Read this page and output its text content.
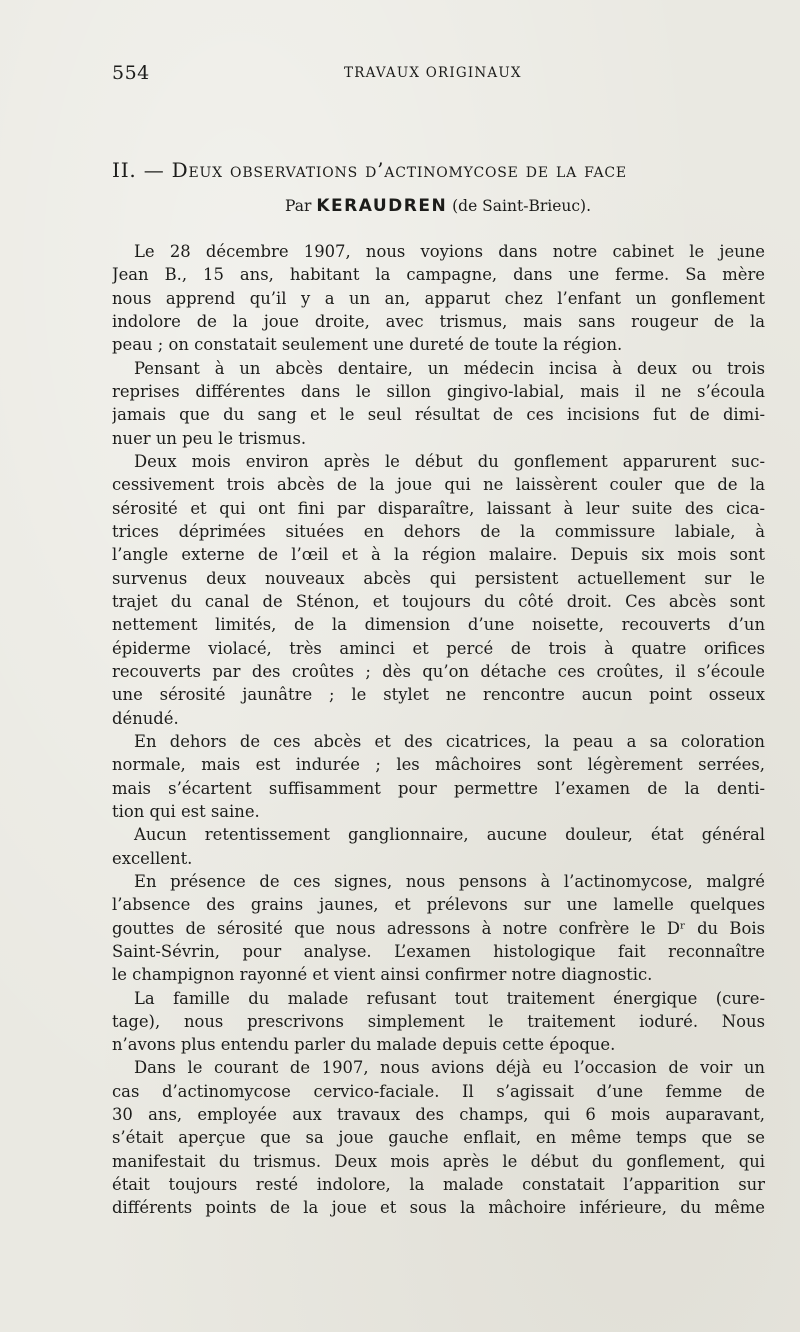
554	TRAVAUX ORIGINAUX
II. — Deux observations d’actinomycose de la face
Par KERAUDREN (de Saint-Brieuc).
Le 28 décembre 1907, nous voyions dans notre cabinet le jeune
Jean B., 15 ans, habitant la campagne, dans une ferme. Sa mère
nous apprend qu’il y a un an, apparut chez l’enfant un gonflement
indolore de la joue droite, avec trismus, mais sans rougeur de la
peau ; on constatait seulement une dureté de toute la région.
Pensant à un abcès dentaire, un médecin incisa à deux ou trois
reprises différentes dans le sillon gingivo-labial, mais il ne s’écoula
jamais que du sang et le seul résultat de ces incisions fut de dimi-
nuer un peu le trismus.
Deux mois environ après le début du gonflement apparurent suc-
cessivement trois abcès de la joue qui ne laissèrent couler que de la
sérosité et qui ont fini par disparaître, laissant à leur suite des cica-
trices déprimées situées en dehors de la commissure labiale, à
l’angle externe de l’œil et à la région malaire. Depuis six mois sont
survenus deux nouveaux abcès qui persistent actuellement sur le
trajet du canal de Sténon, et toujours du côté droit. Ces abcès sont
nettement limités, de la dimension d’une noisette, recouverts d’un
épiderme violacé, très aminci et percé de trois à quatre orifices
recouverts par des croûtes ; dès qu’on détache ces croûtes, il s’écoule
une sérosité jaunâtre ; le stylet ne rencontre aucun point osseux
dénudé.
En dehors de ces abcès et des cicatrices, la peau a sa coloration
normale, mais est indurée ; les mâchoires sont légèrement serrées,
mais s’écartent suffisamment pour permettre l’examen de la denti-
tion qui est saine.
Aucun retentissement ganglionnaire, aucune douleur, état général
excellent.
En présence de ces signes, nous pensons à l’actinomycose, malgré
l’absence des grains jaunes, et prélevons sur une lamelle quelques
gouttes de sérosité que nous adressons à notre confrère le Dʳ du Bois
Saint-Sévrin, pour analyse. L’examen histologique fait reconnaître
le champignon rayonné et vient ainsi confirmer notre diagnostic.
La famille du malade refusant tout traitement énergique (cure-
tage), nous prescrivons simplement le traitement ioduré. Nous
n’avons plus entendu parler du malade depuis cette époque.
Dans le courant de 1907, nous avions déjà eu l’occasion de voir un
cas d’actinomycose cervico-faciale. Il s’agissait d’une femme de
30 ans, employée aux travaux des champs, qui 6 mois auparavant,
s’était aperçue que sa joue gauche enflait, en même temps que se
manifestait du trismus. Deux mois après le début du gonflement, qui
était toujours resté indolore, la malade constatait l’apparition sur
différents points de la joue et sous la mâchoire inférieure, du même
